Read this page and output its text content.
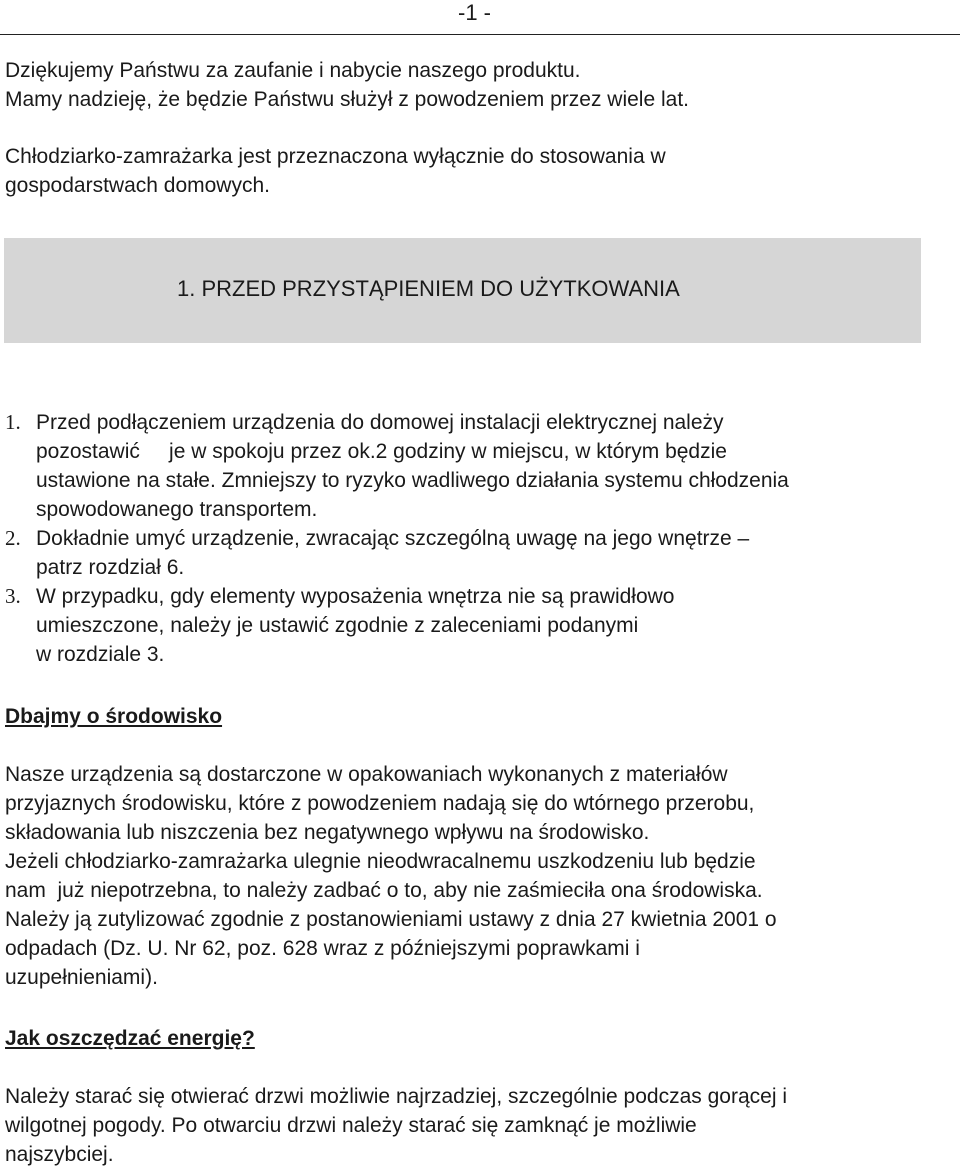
-1 -

Dziękujemy Państwu za zaufanie i nabycie naszego produktu.
Mamy nadzieję, że będzie Państwu służył z powodzeniem przez wiele lat.

Chłodziarko-zamrażarka jest przeznaczona wyłącznie do stosowania w
gospodarstwach domowych.

1. PRZED PRZYSTĄPIENIEM DO UŻYTKOWANIA
1. Przed podłączeniem urządzenia do domowej instalacji elektrycznej należy
pozostawić     je w spokoju przez ok.2 godziny w miejscu, w którym będzie
ustawione na stałe. Zmniejszy to ryzyko wadliwego działania systemu chłodzenia
spowodowanego transportem.
2. Dokładnie umyć urządzenie, zwracając szczególną uwagę na jego wnętrze –
patrz rozdział 6.
3. W przypadku, gdy elementy wyposażenia wnętrza nie są prawidłowo
umieszczone, należy je ustawić zgodnie z zaleceniami podanymi
w rozdziale 3.
Dbajmy o środowisko

Nasze urządzenia są dostarczone w opakowaniach wykonanych z materiałów
przyjaznych środowisku, które z powodzeniem nadają się do wtórnego przerobu,
składowania lub niszczenia bez negatywnego wpływu na środowisko.
Jeżeli chłodziarko-zamrażarka ulegnie nieodwracalnemu uszkodzeniu lub będzie
nam  już niepotrzebna, to należy zadbać o to, aby nie zaśmieciła ona środowiska.
Należy ją zutylizować zgodnie z postanowieniami ustawy z dnia 27 kwietnia 2001 o
odpadach (Dz. U. Nr 62, poz. 628 wraz z późniejszymi poprawkami i
uzupełnieniami).

Jak oszczędzać energię?

Należy starać się otwierać drzwi możliwie najrzadziej, szczególnie podczas gorącej i
wilgotnej pogody. Po otwarciu drzwi należy starać się zamknąć je możliwie
najszybciej.
